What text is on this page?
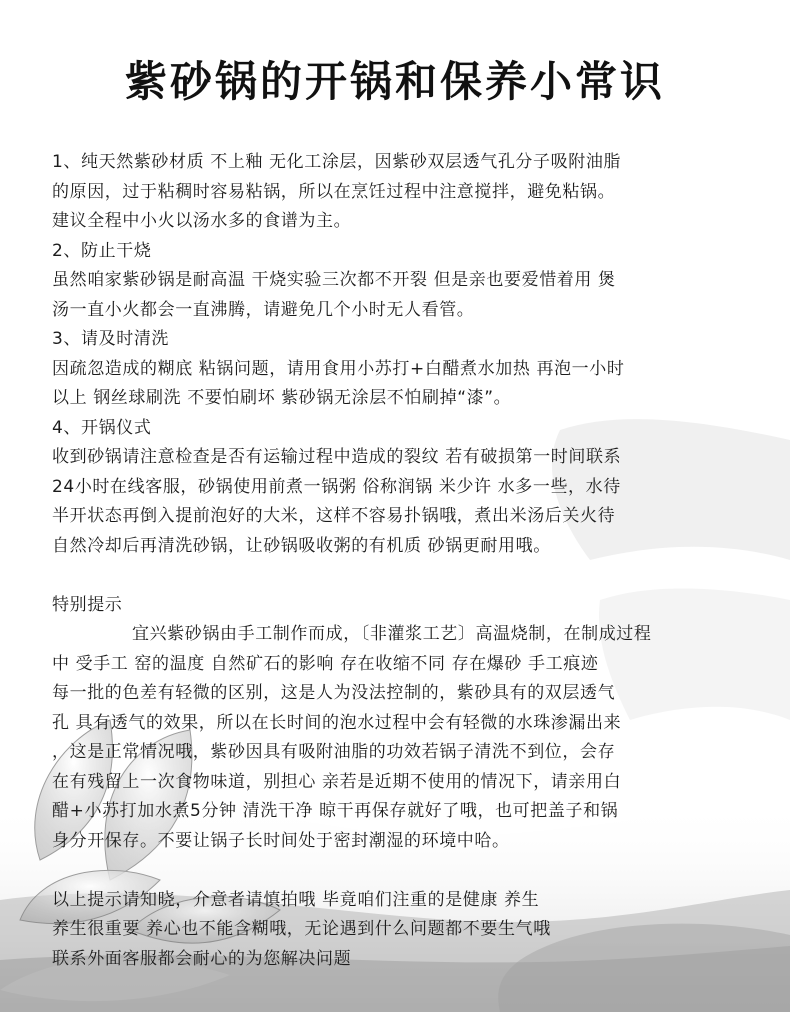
紫砂锅的开锅和保养小常识

1、纯天然紫砂材质 不上釉 无化工涂层，因紫砂双层透气孔分子吸附油脂

的原因，过于粘稠时容易粘锅，所以在烹饪过程中注意搅拌，避免粘锅。

建议全程中小火以汤水多的食谱为主。

2、防止干烧

虽然咱家紫砂锅是耐高温 干烧实验三次都不开裂 但是亲也要爱惜着用 煲

汤一直小火都会一直沸腾，请避免几个小时无人看管。

3、请及时清洗

因疏忽造成的糊底 粘锅问题，请用食用小苏打+白醋煮水加热 再泡一小时

以上 钢丝球刷洗 不要怕刷坏 紫砂锅无涂层不怕刷掉“漆”。

4、开锅仪式

收到砂锅请注意检查是否有运输过程中造成的裂纹 若有破损第一时间联系

24小时在线客服，砂锅使用前煮一锅粥 俗称润锅 米少许 水多一些，水待

半开状态再倒入提前泡好的大米，这样不容易扑锅哦，煮出米汤后关火待

自然冷却后再清洗砂锅，让砂锅吸收粥的有机质 砂锅更耐用哦。

特别提示

宜兴紫砂锅由手工制作而成，〔非灌浆工艺〕高温烧制，在制成过程

中 受手工 窑的温度 自然矿石的影响 存在收缩不同 存在爆砂 手工痕迹

每一批的色差有轻微的区别，这是人为没法控制的，紫砂具有的双层透气

孔 具有透气的效果，所以在长时间的泡水过程中会有轻微的水珠渗漏出来

，这是正常情况哦，紫砂因具有吸附油脂的功效若锅子清洗不到位，会存

在有残留上一次食物味道，别担心 亲若是近期不使用的情况下，请亲用白

醋+小苏打加水煮5分钟 清洗干净 晾干再保存就好了哦，也可把盖子和锅

身分开保存。不要让锅子长时间处于密封潮湿的环境中哈。

以上提示请知晓，介意者请慎拍哦 毕竟咱们注重的是健康 养生

养生很重要 养心也不能含糊哦，无论遇到什么问题都不要生气哦

联系外面客服都会耐心的为您解决问题
